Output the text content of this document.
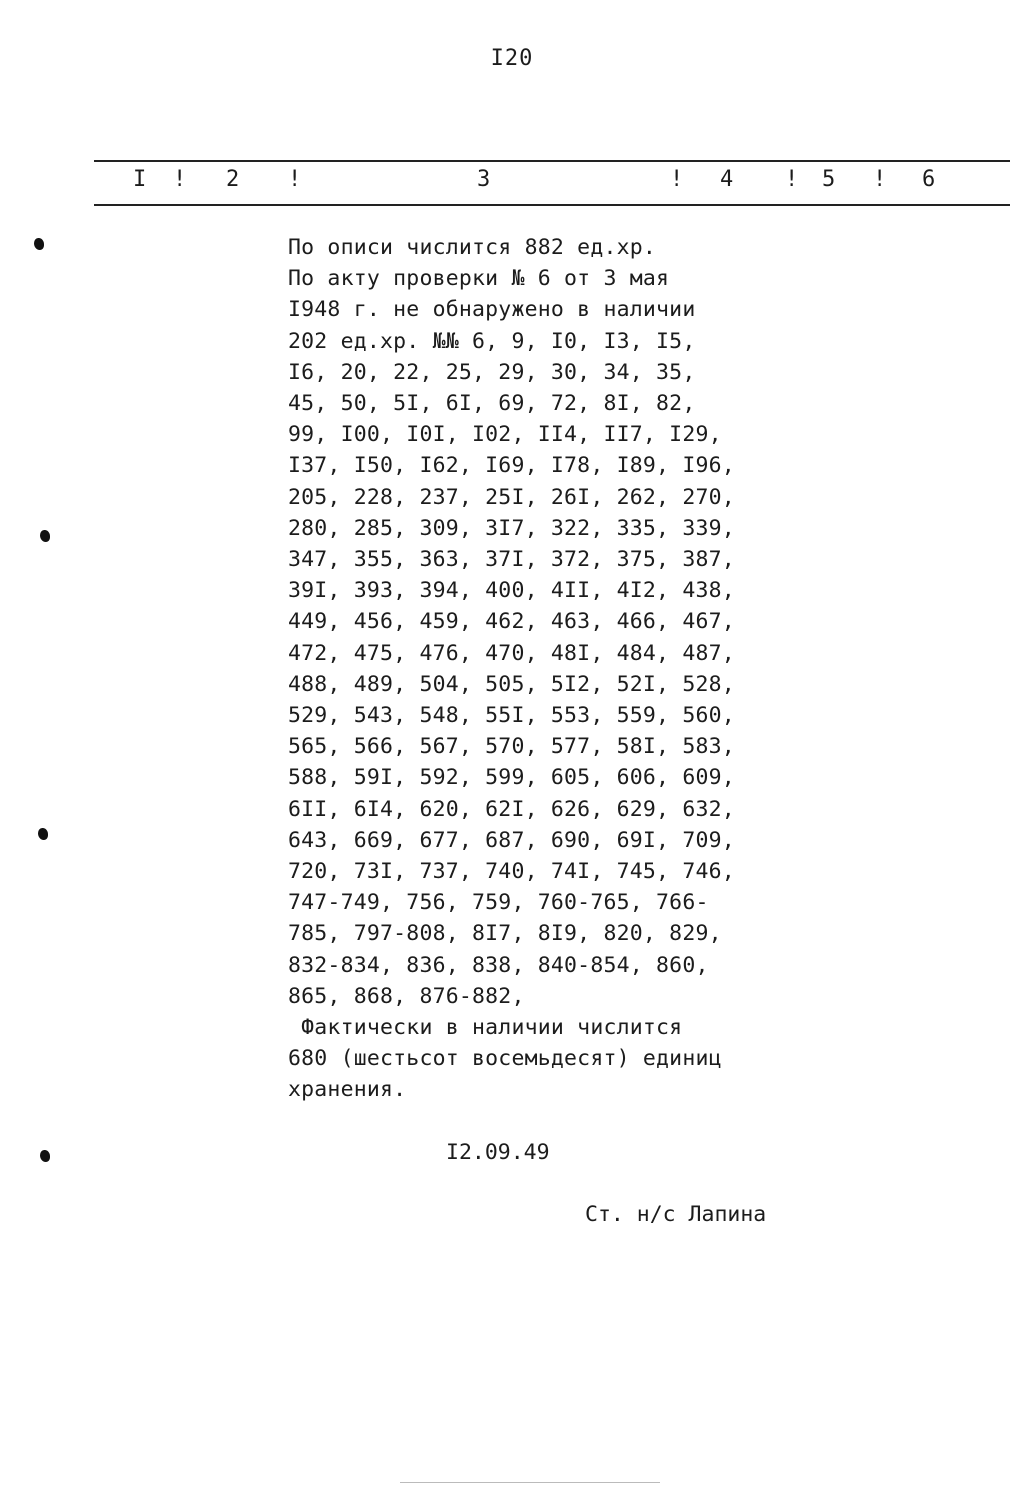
I20
I ! 2 !	3	! 4 ! 5 ! 6
По описи числится 882 ед.хр.
По акту проверки № 6 от 3 мая
I948 г. не обнаружено в наличии
202 ед.хр. №№ 6, 9, I0, I3, I5,
I6, 20, 22, 25, 29, 30, 34, 35,
45, 50, 5I, 6I, 69, 72, 8I, 82,
99, I00, I0I, I02, II4, II7, I29,
I37, I50, I62, I69, I78, I89, I96,
205, 228, 237, 25I, 26I, 262, 270,
280, 285, 309, 3I7, 322, 335, 339,
347, 355, 363, 37I, 372, 375, 387,
39I, 393, 394, 400, 4II, 4I2, 438,
449, 456, 459, 462, 463, 466, 467,
472, 475, 476, 470, 48I, 484, 487,
488, 489, 504, 505, 5I2, 52I, 528,
529, 543, 548, 55I, 553, 559, 560,
565, 566, 567, 570, 577, 58I, 583,
588, 59I, 592, 599, 605, 606, 609,
6II, 6I4, 620, 62I, 626, 629, 632,
643, 669, 677, 687, 690, 69I, 709,
720, 73I, 737, 740, 74I, 745, 746,
747-749, 756, 759, 760-765, 766-
785, 797-808, 8I7, 8I9, 820, 829,
832-834, 836, 838, 840-854, 860,
865, 868, 876-882,
Фактически в наличии числится
680 (шестьсот восемьдесят) единиц
хранения.
I2.09.49
Ст. н/с Лапина
